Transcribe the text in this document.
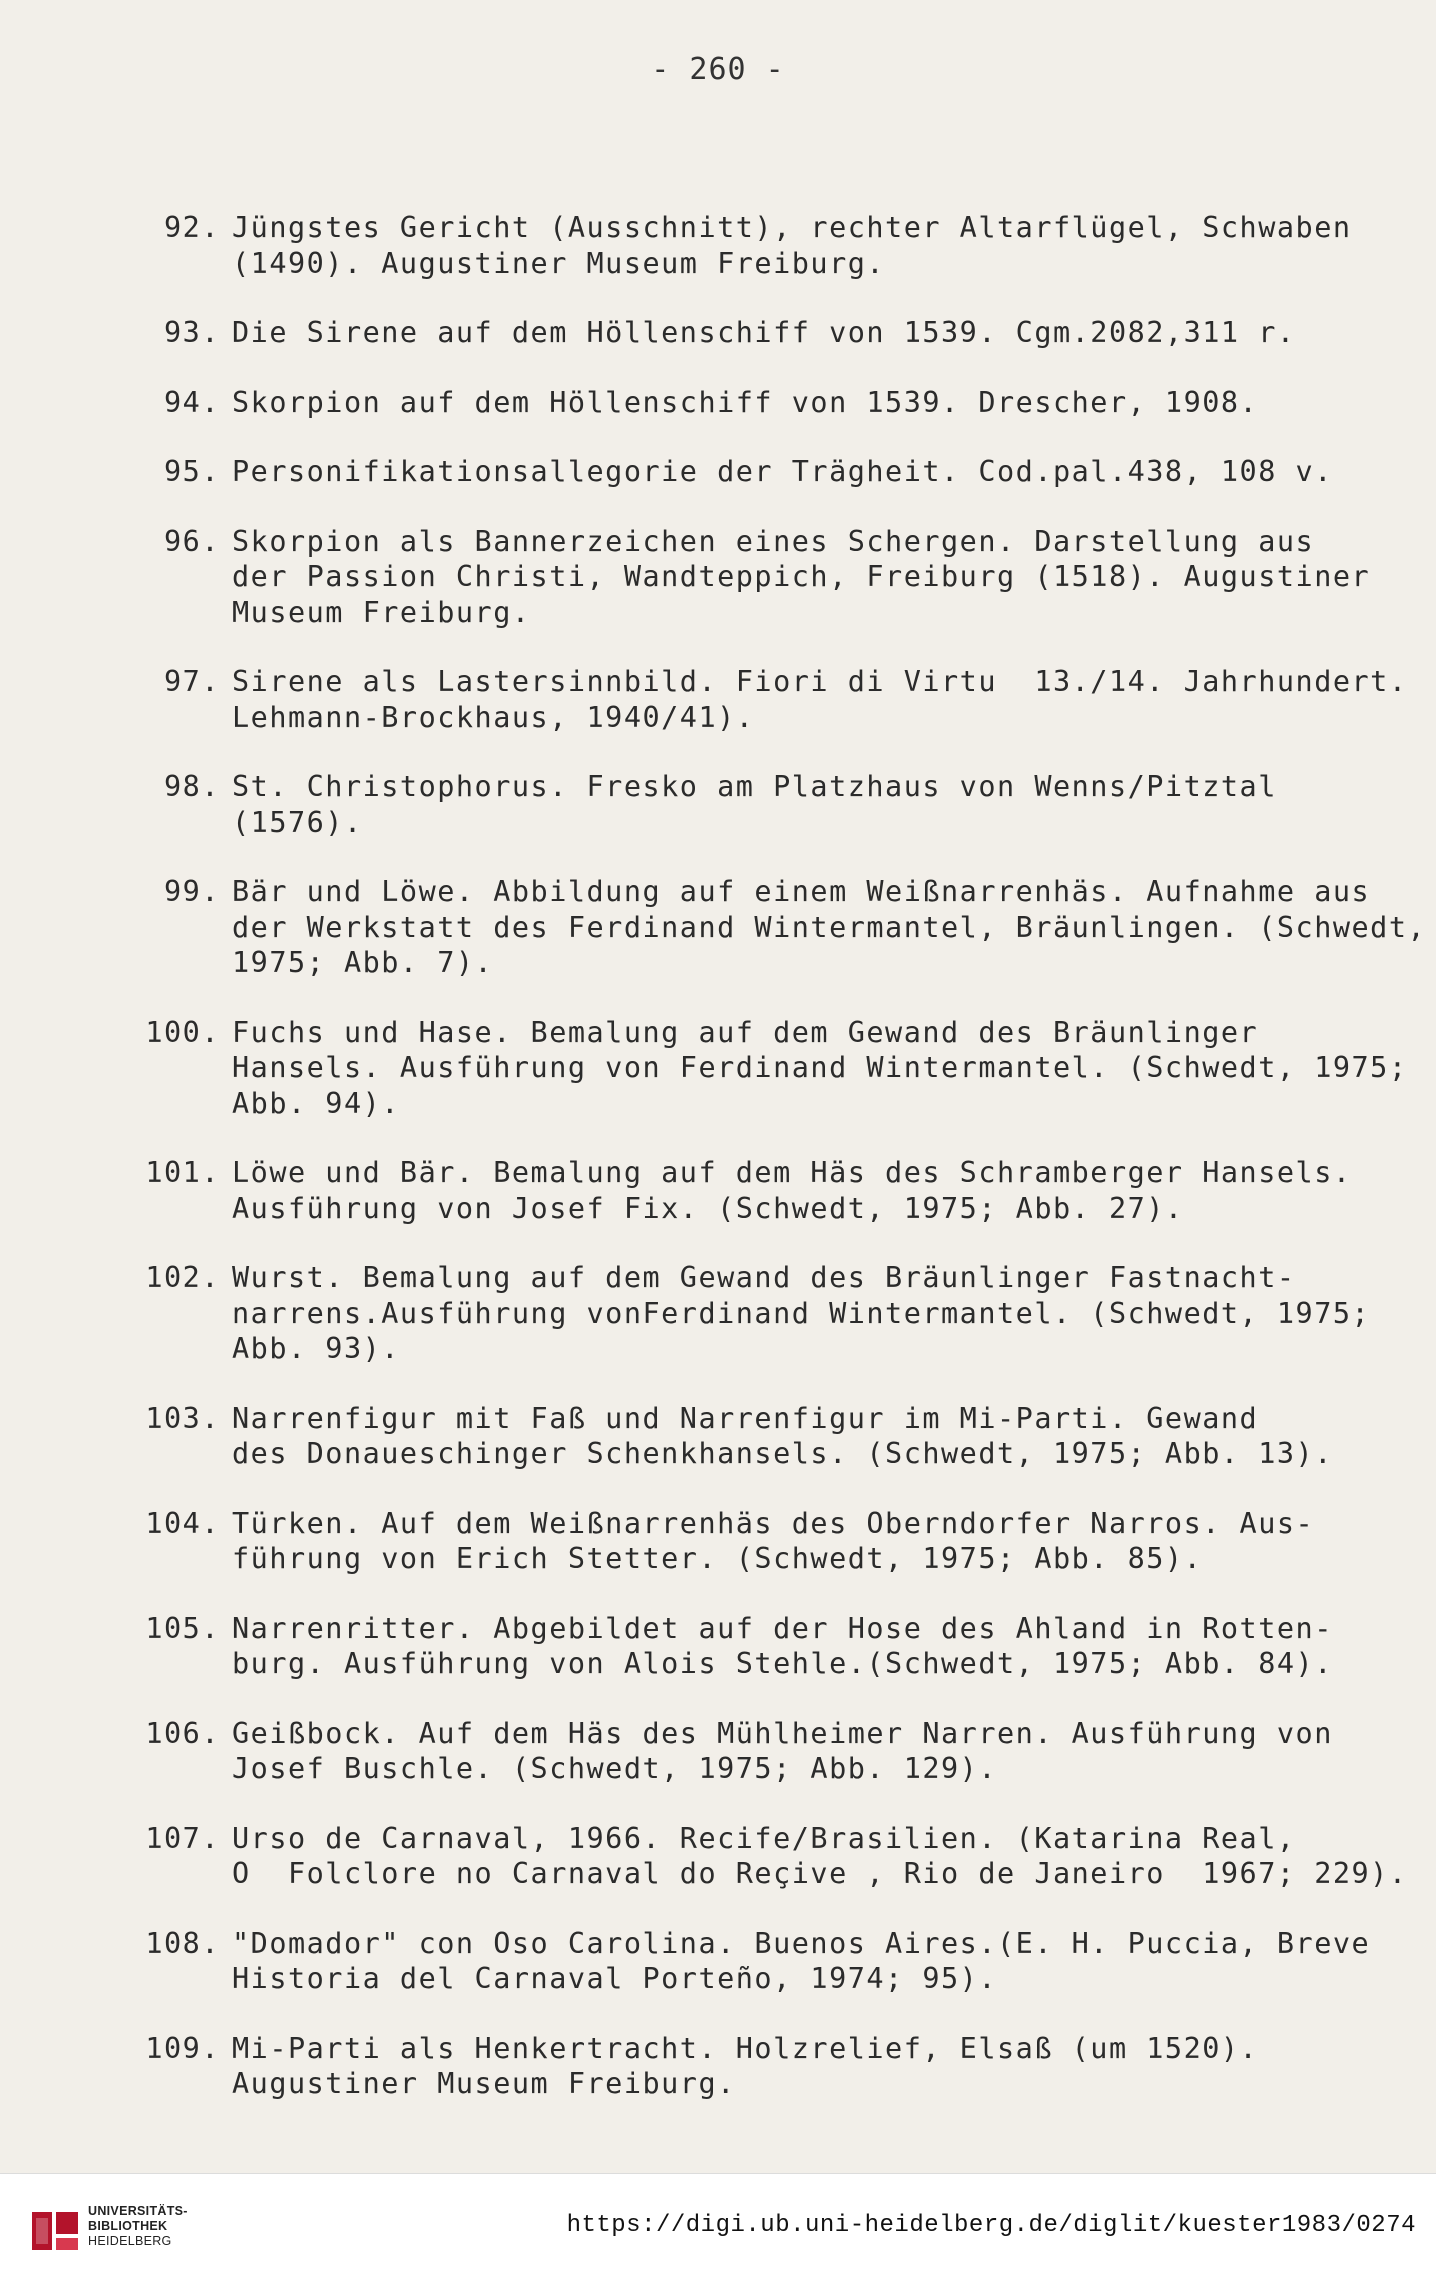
- 260 -
92. Jüngstes Gericht (Ausschnitt), rechter Altarflügel, Schwaben
(1490). Augustiner Museum Freiburg.
93. Die Sirene auf dem Höllenschiff von 1539. Cgm.2082,311 r.
94. Skorpion auf dem Höllenschiff von 1539. Drescher, 1908.
95. Personifikationsallegorie der Trägheit. Cod.pal.438, 108 v.
96. Skorpion als Bannerzeichen eines Schergen. Darstellung aus
der Passion Christi, Wandteppich, Freiburg (1518). Augustiner
Museum Freiburg.
97. Sirene als Lastersinnbild. Fiori di Virtu  13./14. Jahrhundert.
Lehmann-Brockhaus, 1940/41).
98. St. Christophorus. Fresko am Platzhaus von Wenns/Pitztal
(1576).
99. Bär und Löwe. Abbildung auf einem Weißnarrenhäs. Aufnahme aus
der Werkstatt des Ferdinand Wintermantel, Bräunlingen. (Schwedt,
1975; Abb. 7).
100. Fuchs und Hase. Bemalung auf dem Gewand des Bräunlinger
Hansels. Ausführung von Ferdinand Wintermantel. (Schwedt, 1975;
Abb. 94).
101. Löwe und Bär. Bemalung auf dem Häs des Schramberger Hansels.
Ausführung von Josef Fix. (Schwedt, 1975; Abb. 27).
102. Wurst. Bemalung auf dem Gewand des Bräunlinger Fastnacht-
narrens.Ausführung vonFerdinand Wintermantel. (Schwedt, 1975;
Abb. 93).
103. Narrenfigur mit Faß und Narrenfigur im Mi-Parti. Gewand
des Donaueschinger Schenkhansels. (Schwedt, 1975; Abb. 13).
104. Türken. Auf dem Weißnarrenhäs des Oberndorfer Narros. Aus-
führung von Erich Stetter. (Schwedt, 1975; Abb. 85).
105. Narrenritter. Abgebildet auf der Hose des Ahland in Rotten-
burg. Ausführung von Alois Stehle.(Schwedt, 1975; Abb. 84).
106. Geißbock. Auf dem Häs des Mühlheimer Narren. Ausführung von
Josef Buschle. (Schwedt, 1975; Abb. 129).
107. Urso de Carnaval, 1966. Recife/Brasilien. (Katarina Real,
O  Folclore no Carnaval do Reçive , Rio de Janeiro  1967; 229).
108. "Domador" con Oso Carolina. Buenos Aires.(E. H. Puccia, Breve
Historia del Carnaval Porteño, 1974; 95).
109. Mi-Parti als Henkertracht. Holzrelief, Elsaß (um 1520).
Augustiner Museum Freiburg.
UNIVERSITÄTS-
BIBLIOTHEK
HEIDELBERG
https://digi.ub.uni-heidelberg.de/diglit/kuester1983/0274
